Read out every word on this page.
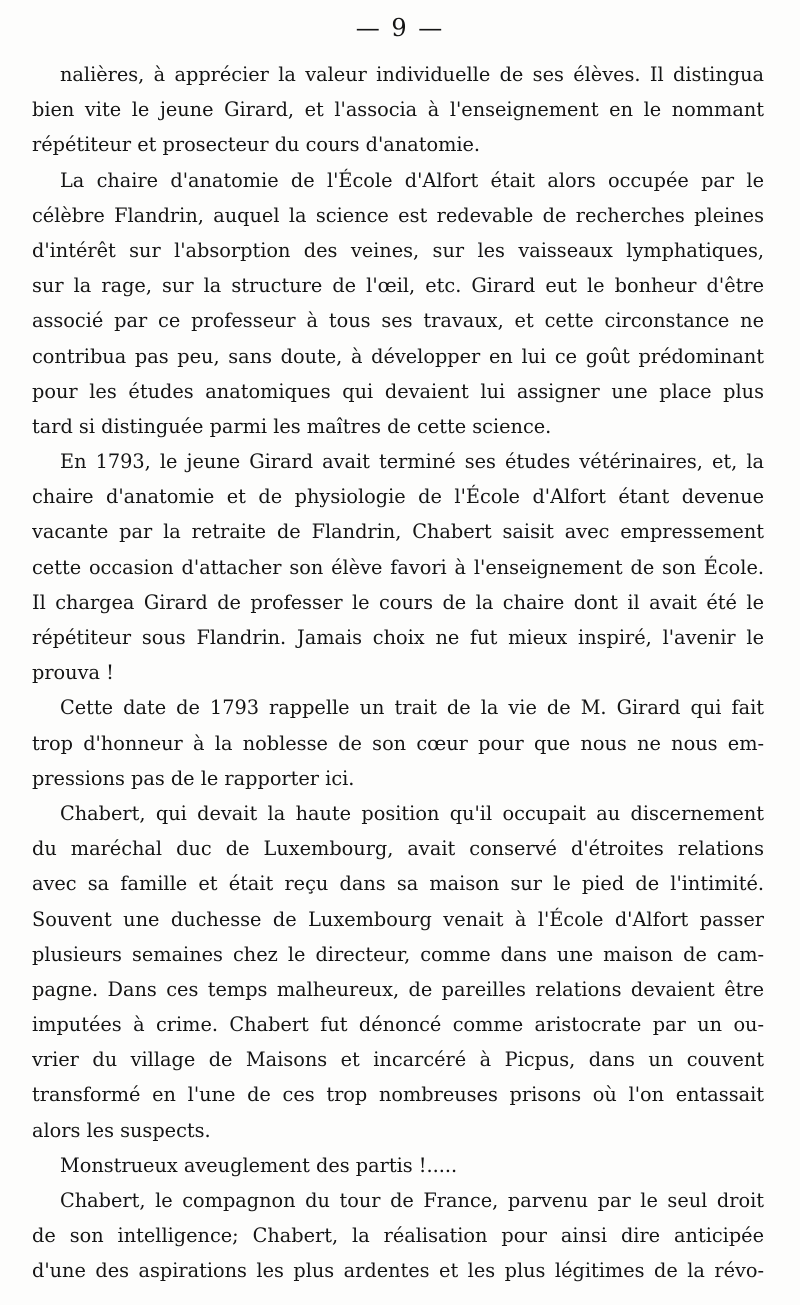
— 9 —
nalières, à apprécier la valeur individuelle de ses élèves. Il distingua
bien vite le jeune Girard, et l'associa à l'enseignement en le nommant
répétiteur et prosecteur du cours d'anatomie.
La chaire d'anatomie de l'École d'Alfort était alors occupée par le
célèbre Flandrin, auquel la science est redevable de recherches pleines
d'intérêt sur l'absorption des veines, sur les vaisseaux lymphatiques,
sur la rage, sur la structure de l'œil, etc. Girard eut le bonheur d'être
associé par ce professeur à tous ses travaux, et cette circonstance ne
contribua pas peu, sans doute, à développer en lui ce goût prédominant
pour les études anatomiques qui devaient lui assigner une place plus
tard si distinguée parmi les maîtres de cette science.
En 1793, le jeune Girard avait terminé ses études vétérinaires, et, la
chaire d'anatomie et de physiologie de l'École d'Alfort étant devenue
vacante par la retraite de Flandrin, Chabert saisit avec empressement
cette occasion d'attacher son élève favori à l'enseignement de son École.
Il chargea Girard de professer le cours de la chaire dont il avait été le
répétiteur sous Flandrin. Jamais choix ne fut mieux inspiré, l'avenir le
prouva !
Cette date de 1793 rappelle un trait de la vie de M. Girard qui fait
trop d'honneur à la noblesse de son cœur pour que nous ne nous em-
pressions pas de le rapporter ici.
Chabert, qui devait la haute position qu'il occupait au discernement
du maréchal duc de Luxembourg, avait conservé d'étroites relations
avec sa famille et était reçu dans sa maison sur le pied de l'intimité.
Souvent une duchesse de Luxembourg venait à l'École d'Alfort passer
plusieurs semaines chez le directeur, comme dans une maison de cam-
pagne. Dans ces temps malheureux, de pareilles relations devaient être
imputées à crime. Chabert fut dénoncé comme aristocrate par un ou-
vrier du village de Maisons et incarcéré à Picpus, dans un couvent
transformé en l'une de ces trop nombreuses prisons où l'on entassait
alors les suspects.
Monstrueux aveuglement des partis !.....
Chabert, le compagnon du tour de France, parvenu par le seul droit
de son intelligence; Chabert, la réalisation pour ainsi dire anticipée
d'une des aspirations les plus ardentes et les plus légitimes de la révo-
